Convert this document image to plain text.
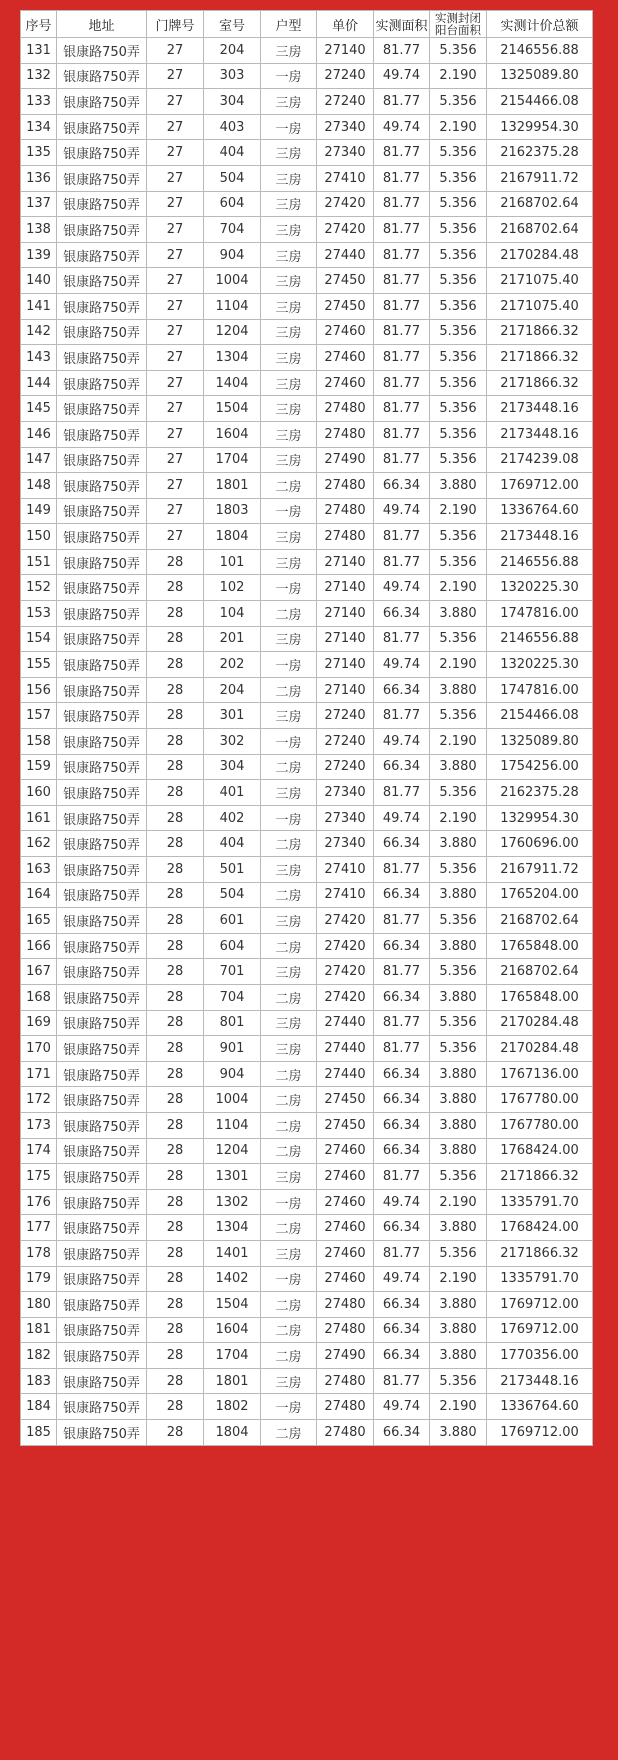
序号	地址	门牌号	室号	户型	单价	实测面积	实测封闭阳台面积	实测计价总额
131	银康路750弄	27	204	三房	27140	81.77	5.356	2146556.88
132	银康路750弄	27	303	一房	27240	49.74	2.190	1325089.80
133	银康路750弄	27	304	三房	27240	81.77	5.356	2154466.08
134	银康路750弄	27	403	一房	27340	49.74	2.190	1329954.30
135	银康路750弄	27	404	三房	27340	81.77	5.356	2162375.28
136	银康路750弄	27	504	三房	27410	81.77	5.356	2167911.72
137	银康路750弄	27	604	三房	27420	81.77	5.356	2168702.64
138	银康路750弄	27	704	三房	27420	81.77	5.356	2168702.64
139	银康路750弄	27	904	三房	27440	81.77	5.356	2170284.48
140	银康路750弄	27	1004	三房	27450	81.77	5.356	2171075.40
141	银康路750弄	27	1104	三房	27450	81.77	5.356	2171075.40
142	银康路750弄	27	1204	三房	27460	81.77	5.356	2171866.32
143	银康路750弄	27	1304	三房	27460	81.77	5.356	2171866.32
144	银康路750弄	27	1404	三房	27460	81.77	5.356	2171866.32
145	银康路750弄	27	1504	三房	27480	81.77	5.356	2173448.16
146	银康路750弄	27	1604	三房	27480	81.77	5.356	2173448.16
147	银康路750弄	27	1704	三房	27490	81.77	5.356	2174239.08
148	银康路750弄	27	1801	二房	27480	66.34	3.880	1769712.00
149	银康路750弄	27	1803	一房	27480	49.74	2.190	1336764.60
150	银康路750弄	27	1804	三房	27480	81.77	5.356	2173448.16
151	银康路750弄	28	101	三房	27140	81.77	5.356	2146556.88
152	银康路750弄	28	102	一房	27140	49.74	2.190	1320225.30
153	银康路750弄	28	104	二房	27140	66.34	3.880	1747816.00
154	银康路750弄	28	201	三房	27140	81.77	5.356	2146556.88
155	银康路750弄	28	202	一房	27140	49.74	2.190	1320225.30
156	银康路750弄	28	204	二房	27140	66.34	3.880	1747816.00
157	银康路750弄	28	301	三房	27240	81.77	5.356	2154466.08
158	银康路750弄	28	302	一房	27240	49.74	2.190	1325089.80
159	银康路750弄	28	304	二房	27240	66.34	3.880	1754256.00
160	银康路750弄	28	401	三房	27340	81.77	5.356	2162375.28
161	银康路750弄	28	402	一房	27340	49.74	2.190	1329954.30
162	银康路750弄	28	404	二房	27340	66.34	3.880	1760696.00
163	银康路750弄	28	501	三房	27410	81.77	5.356	2167911.72
164	银康路750弄	28	504	二房	27410	66.34	3.880	1765204.00
165	银康路750弄	28	601	三房	27420	81.77	5.356	2168702.64
166	银康路750弄	28	604	二房	27420	66.34	3.880	1765848.00
167	银康路750弄	28	701	三房	27420	81.77	5.356	2168702.64
168	银康路750弄	28	704	二房	27420	66.34	3.880	1765848.00
169	银康路750弄	28	801	三房	27440	81.77	5.356	2170284.48
170	银康路750弄	28	901	三房	27440	81.77	5.356	2170284.48
171	银康路750弄	28	904	二房	27440	66.34	3.880	1767136.00
172	银康路750弄	28	1004	二房	27450	66.34	3.880	1767780.00
173	银康路750弄	28	1104	二房	27450	66.34	3.880	1767780.00
174	银康路750弄	28	1204	二房	27460	66.34	3.880	1768424.00
175	银康路750弄	28	1301	三房	27460	81.77	5.356	2171866.32
176	银康路750弄	28	1302	一房	27460	49.74	2.190	1335791.70
177	银康路750弄	28	1304	二房	27460	66.34	3.880	1768424.00
178	银康路750弄	28	1401	三房	27460	81.77	5.356	2171866.32
179	银康路750弄	28	1402	一房	27460	49.74	2.190	1335791.70
180	银康路750弄	28	1504	二房	27480	66.34	3.880	1769712.00
181	银康路750弄	28	1604	二房	27480	66.34	3.880	1769712.00
182	银康路750弄	28	1704	二房	27490	66.34	3.880	1770356.00
183	银康路750弄	28	1801	三房	27480	81.77	5.356	2173448.16
184	银康路750弄	28	1802	一房	27480	49.74	2.190	1336764.60
185	银康路750弄	28	1804	二房	27480	66.34	3.880	1769712.00
